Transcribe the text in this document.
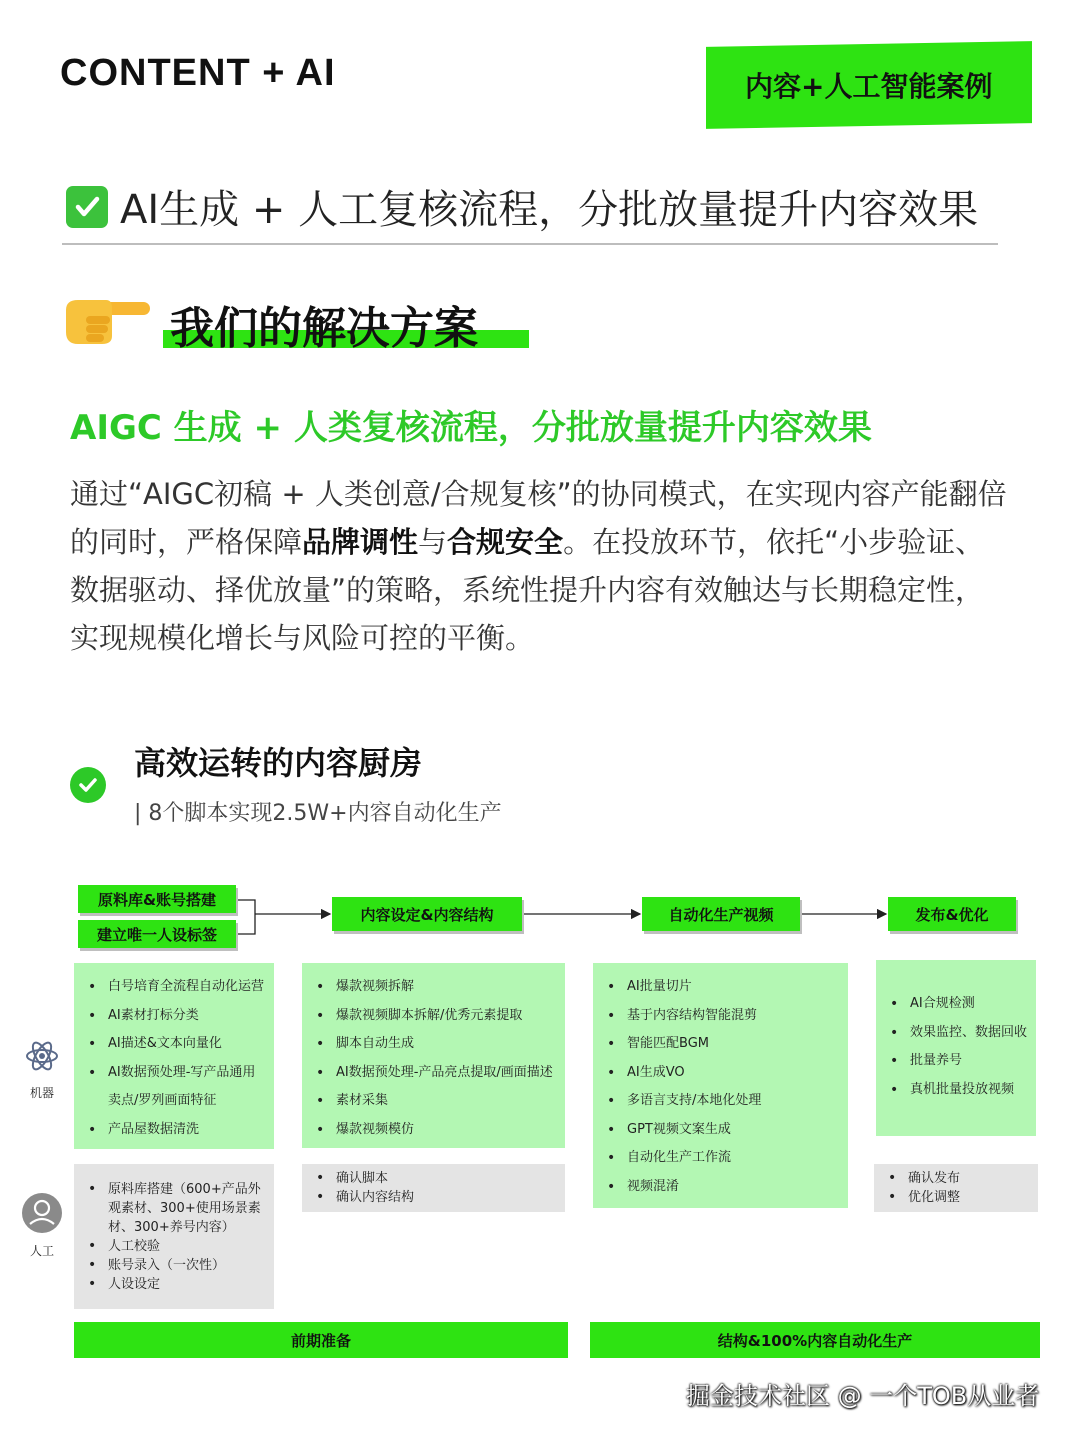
CONTENT + AI	内容+人工智能案例
AI生成 + 人工复核流程，分批放量提升内容效果
我们的解决方案
AIGC 生成 + 人类复核流程，分批放量提升内容效果
通过“AIGC初稿 + 人类创意/合规复核”的协同模式，在实现内容产能翻倍的同时，严格保障品牌调性与合规安全。在投放环节，依托“小步验证、数据驱动、择优放量”的策略，系统性提升内容有效触达与长期稳定性，实现规模化增长与风险可控的平衡。
高效运转的内容厨房
| 8个脚本实现2.5W+内容自动化生产
原料库&账号搭建
建立唯一人设标签
内容设定&内容结构	自动化生产视频	发布&优化
机器
人工
• 白号培育全流程自动化运营
• AI素材打标分类
• AI描述&文本向量化
• AI数据预处理-写产品通用
卖点/罗列画面特征
• 产品屋数据清洗
• 爆款视频拆解
• 爆款视频脚本拆解/优秀元素提取
• 脚本自动生成
• AI数据预处理-产品亮点提取/画面描述
• 素材采集
• 爆款视频模仿
• AI批量切片
• 基于内容结构智能混剪
• 智能匹配BGM
• AI生成VO
• 多语言支持/本地化处理
• GPT视频文案生成
• 自动化生产工作流
• 视频混淆
• AI合规检测
• 效果监控、数据回收
• 批量养号
• 真机批量投放视频
• 原料库搭建（600+产品外
观素材、300+使用场景素
材、300+养号内容）
• 人工校验
• 账号录入（一次性）
• 人设设定
• 确认脚本
• 确认内容结构
• 确认发布
• 优化调整
前期准备	结构&100%内容自动化生产
掘金技术社区 @ 一个TOB从业者
